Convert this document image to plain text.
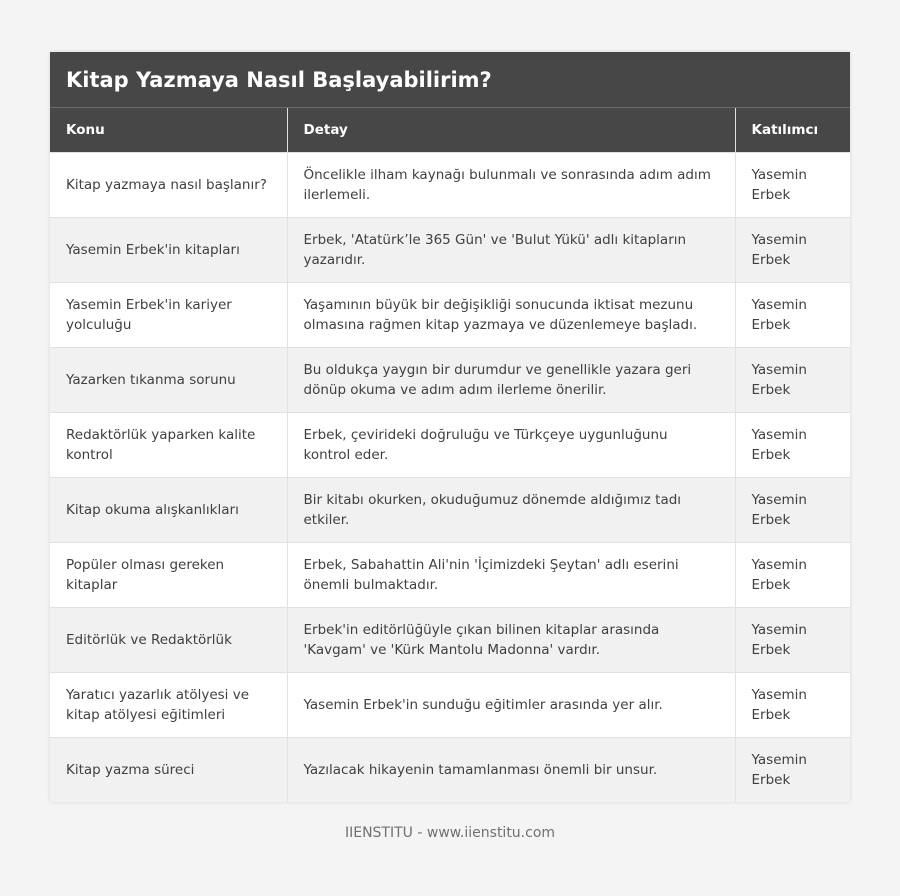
Kitap Yazmaya Nasıl Başlayabilirim?
Konu	Detay	Katılımcı
Kitap yazmaya nasıl başlanır?	Öncelikle ilham kaynağı bulunmalı ve sonrasında adım adım ilerlemeli.	Yasemin Erbek
Yasemin Erbek'in kitapları	Erbek, 'Atatürk’le 365 Gün' ve 'Bulut Yükü' adlı kitapların yazarıdır.	Yasemin Erbek
Yasemin Erbek'in kariyer yolculuğu	Yaşamının büyük bir değişikliği sonucunda iktisat mezunu olmasına rağmen kitap yazmaya ve düzenlemeye başladı.	Yasemin Erbek
Yazarken tıkanma sorunu	Bu oldukça yaygın bir durumdur ve genellikle yazara geri dönüp okuma ve adım adım ilerleme önerilir.	Yasemin Erbek
Redaktörlük yaparken kalite kontrol	Erbek, çevirideki doğruluğu ve Türkçeye uygunluğunu kontrol eder.	Yasemin Erbek
Kitap okuma alışkanlıkları	Bir kitabı okurken, okuduğumuz dönemde aldığımız tadı etkiler.	Yasemin Erbek
Popüler olması gereken kitaplar	Erbek, Sabahattin Ali'nin 'İçimizdeki Şeytan' adlı eserini önemli bulmaktadır.	Yasemin Erbek
Editörlük ve Redaktörlük	Erbek'in editörlüğüyle çıkan bilinen kitaplar arasında 'Kavgam' ve 'Kürk Mantolu Madonna' vardır.	Yasemin Erbek
Yaratıcı yazarlık atölyesi ve kitap atölyesi eğitimleri	Yasemin Erbek'in sunduğu eğitimler arasında yer alır.	Yasemin Erbek
Kitap yazma süreci	Yazılacak hikayenin tamamlanması önemli bir unsur.	Yasemin Erbek
IIENSTITU - www.iienstitu.com
